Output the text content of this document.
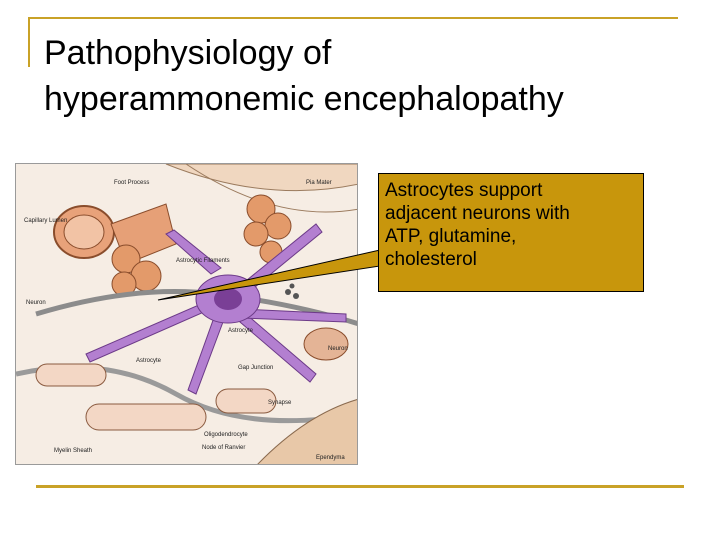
Pathophysiology of
hyperammonemic encephalopathy
Foot Process
Capillary Lumen
Pia Mater
Astrocytic Filaments
Neuron
Astrocyte
Astrocyte
Gap Junction
Neuron
Synapse
Oligodendrocyte
Myelin Sheath	Node of Ranvier
Ependyma
Astrocytes support
adjacent neurons with
ATP, glutamine,
cholesterol
